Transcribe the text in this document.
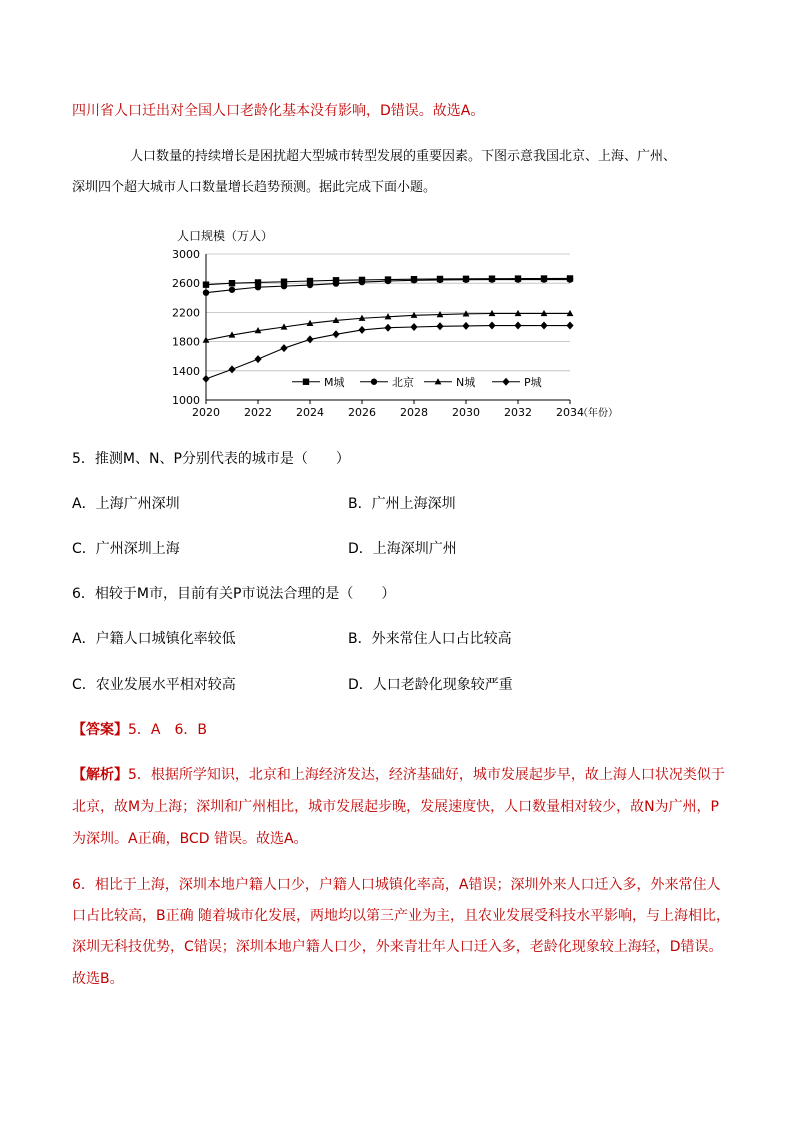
四川省人口迁出对全国人口老龄化基本没有影响，D错误。故选A。
人口数量的持续增长是困扰超大型城市转型发展的重要因素。下图示意我国北京、上海、广州、
深圳四个超大城市人口数量增长趋势预测。据此完成下面小题。
1000
1400
1800
2200
2600
3000
2020 2022 2024 2026 2028 2030 2032 2034
（年份）
人口规模（万人）
M城	北京	N城	P城
5．推测M、N、P分别代表的城市是（　　）
A．上海广州深圳	B．广州上海深圳
C．广州深圳上海	D．上海深圳广州
6．相较于M市，目前有关P市说法合理的是（　　）
A．户籍人口城镇化率较低	B．外来常住人口占比较高
C．农业发展水平相对较高	D．人口老龄化现象较严重
【答案】5．A　6．B
【解析】5．根据所学知识，北京和上海经济发达，经济基础好，城市发展起步早，故上海人口状况类似于
北京，故M为上海；深圳和广州相比，城市发展起步晚，发展速度快，人口数量相对较少，故N为广州，P
为深圳。A正确，BCD 错误。故选A。
6．相比于上海，深圳本地户籍人口少，户籍人口城镇化率高，A错误；深圳外来人口迁入多，外来常住人
口占比较高，B正确 随着城市化发展，两地均以第三产业为主，且农业发展受科技水平影响，与上海相比，
深圳无科技优势，C错误；深圳本地户籍人口少，外来青壮年人口迁入多，老龄化现象较上海轻，D错误。
故选B。
